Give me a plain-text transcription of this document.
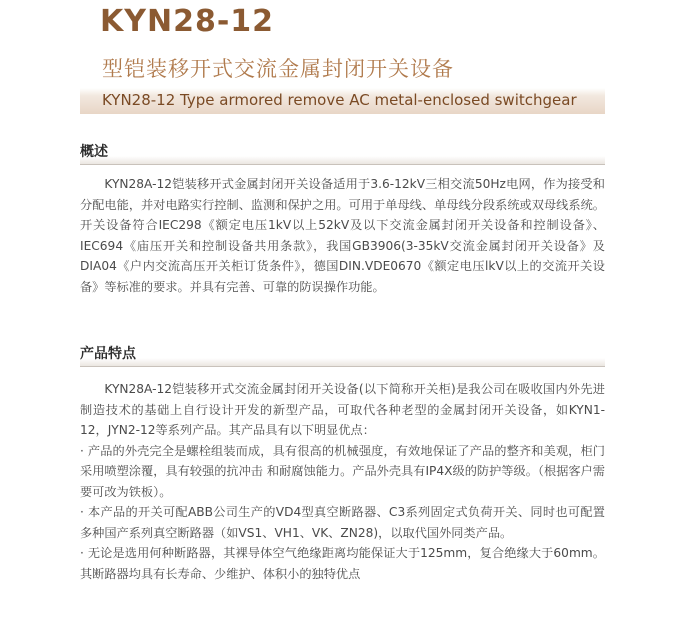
KYN28-12
型铠装移开式交流金属封闭开关设备
KYN28-12 Type armored remove AC metal-enclosed switchgear
概述

KYN28A-12铠装移开式金属封闭开关设备适用于3.6-12kV三相交流50Hz电网，作为接受和分配电能，并对电路实行控制、监测和保护之用。可用于单母线、单母线分段系统或双母线系统。开关设备符合IEC298《额定电压1kV以上52kV及以下交流金属封闭开关设备和控制设备》、IEC694《庙压开关和控制设备共用条款》，我国GB3906(3-35kV交流金属封闭开关设备》及DIA04《户内交流高压开关柜订货条件》，德国DIN.VDE0670《额定电压lkV以上的交流开关设备》等标准的要求。并具有完善、可靠的防误操作功能。

产品特点

KYN28A-12铠装移开式交流金属封闭开关设备(以下简称开关柜)是我公司在吸收国内外先进制造技术的基础上自行设计开发的新型产品，可取代各种老型的金属封闭开关设备，如KYN1-12，JYN2-12等系列产品。其产品具有以下明显优点：

· 产品的外壳完全是螺栓组装而成，具有很高的机械强度，有效地保证了产品的整齐和美观，柜门采用喷塑涂覆，具有较强的抗冲击 和耐腐蚀能力。产品外壳具有IP4X级的防护等级。（根据客户需要可改为铁板）。

· 本产品的开关可配ABB公司生产的VD4型真空断路器、C3系列固定式负荷开关、同时也可配置多种国产系列真空断路器（如VS1、VH1、VK、ZN28)，以取代国外同类产品。

· 无论是选用何种断路器，其裸导体空气绝缘距离均能保证大于125mm，复合绝缘大于60mm。其断路器均具有长寿命、少维护、体积小的独特优点
